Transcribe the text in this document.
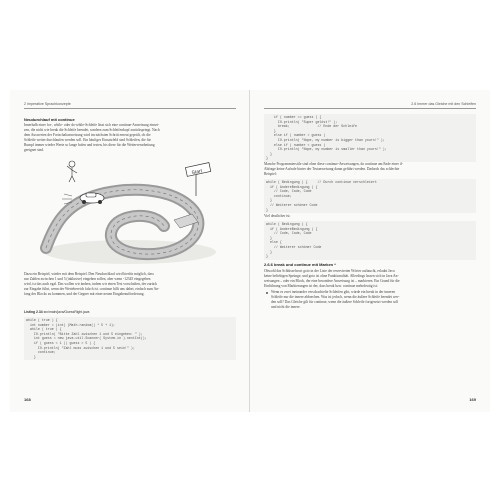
2 Imperative Sprachkonzepte
Neudurchlauf mit continue
Innerhalb einer for-, while- oder do-while-Schleife lässt sich eine continue-Anweisung einset-
zen, die nicht wie break die Schleife beendet, sondern zum Schleifenkopf zurückspringt. Nach
dem Auswerten der Fortschaltanweisung wird im nächsten Schritt erneut geprüft, ob die
Schleife weiter durchlaufen werden soll. Ein häufiges Einsatzfeld sind Schleifen, die für
Rumpf immer wieder Werte so lange holen und testen, bis diese für die Weiterverarbeitung
geeignet sind.
Start
Dazu ein Beispiel, wieder mit dem Beispiel. Den Neudurchlauf wird hierfür möglich, dass
nur Zahlen zwischen 1 und 5 (inklusive) eingeben sollen, aber wenn -12345 eingegeben
wird, ist das auch egal. Das wollen wir ändern, indem wir einen Test vorschalten, der zurück
zur Eingabe führt, wenn der Wertebereich falsch ist. continue hilft uns dabei, einfach zum An-
fang des Blocks zu kommen, und der Gegner mit einer neuen Eingabeaufforderung.
Listing 2.34 src/main/java/GuessRight.java
while ( true ) {
int number = (int) (Math.random() * 5 + 1);
while ( true ) {
IO.println( "Bitte Zahl zwischen 1 und 5 eingeben: " );
int guess = new java.util.Scanner( System.in ).nextInt();
if ( guess < 1 || guess > 5 ) {
IO.println( "Zahl muss zwischen 1 und 5 sein!" );
continue;
}
168
2.6 Immer das Gleiche mit den Schleifen
if ( number == guess ) {
IO.println( "Super gelöst!" );
break;              // Ende der Schleife
}
else if ( number > guess )
IO.println( "Nope, my number is bigger than yours!" );
else if ( number < guess )
IO.println( "Nope, my number is smaller than yours!" );
}
}
Manche Programmierstile sind ohne diese continue-Anweisungen, da continue am Ende einer if-
Abfrage keine Aufrufe hinter der Testanweisung daran geführt werden. Dadurch das schlechte
Beispiel:
while ( Bedingung ) {     // Durch continue verschleiert
if ( AndereBedingung ) {
// Code, Code, Code
continue;
}
// Weiterer schöner Code
}
Viel deutlicher ist:
while ( Bedingung ) {
if ( AndereBedingung ) {
// Code, Code, Code
}
else {
// Weiterer schöner Code
}
}
2.6.6 break und continue mit Marken *
Obwohl das Schlüsselwort goto in der Liste der reservierten Wörter auftaucht, erlaubt Java
keine beliebigen Sprünge, und goto ist ohne Funktionalität. Allerdings lassen sich in Java An-
weisungen – oder ein Block, der eine besondere Anweisung ist – markieren. Ein Grund für die
Einführung von Markierungen ist der, dass break bzw. continue mehrdeutig ist:
Wenn es zwei ineinander verschachtelte Schleifen gibt, würde ein break in der inneren
Schleife nur die innere abbrechen. Was ist jedoch, wenn die äußere Schleife beendet wer-
den soll? Das Gleiche gilt für continue, wenn die äußere Schleife fortgesetzt werden soll
und nicht die innere.
169
